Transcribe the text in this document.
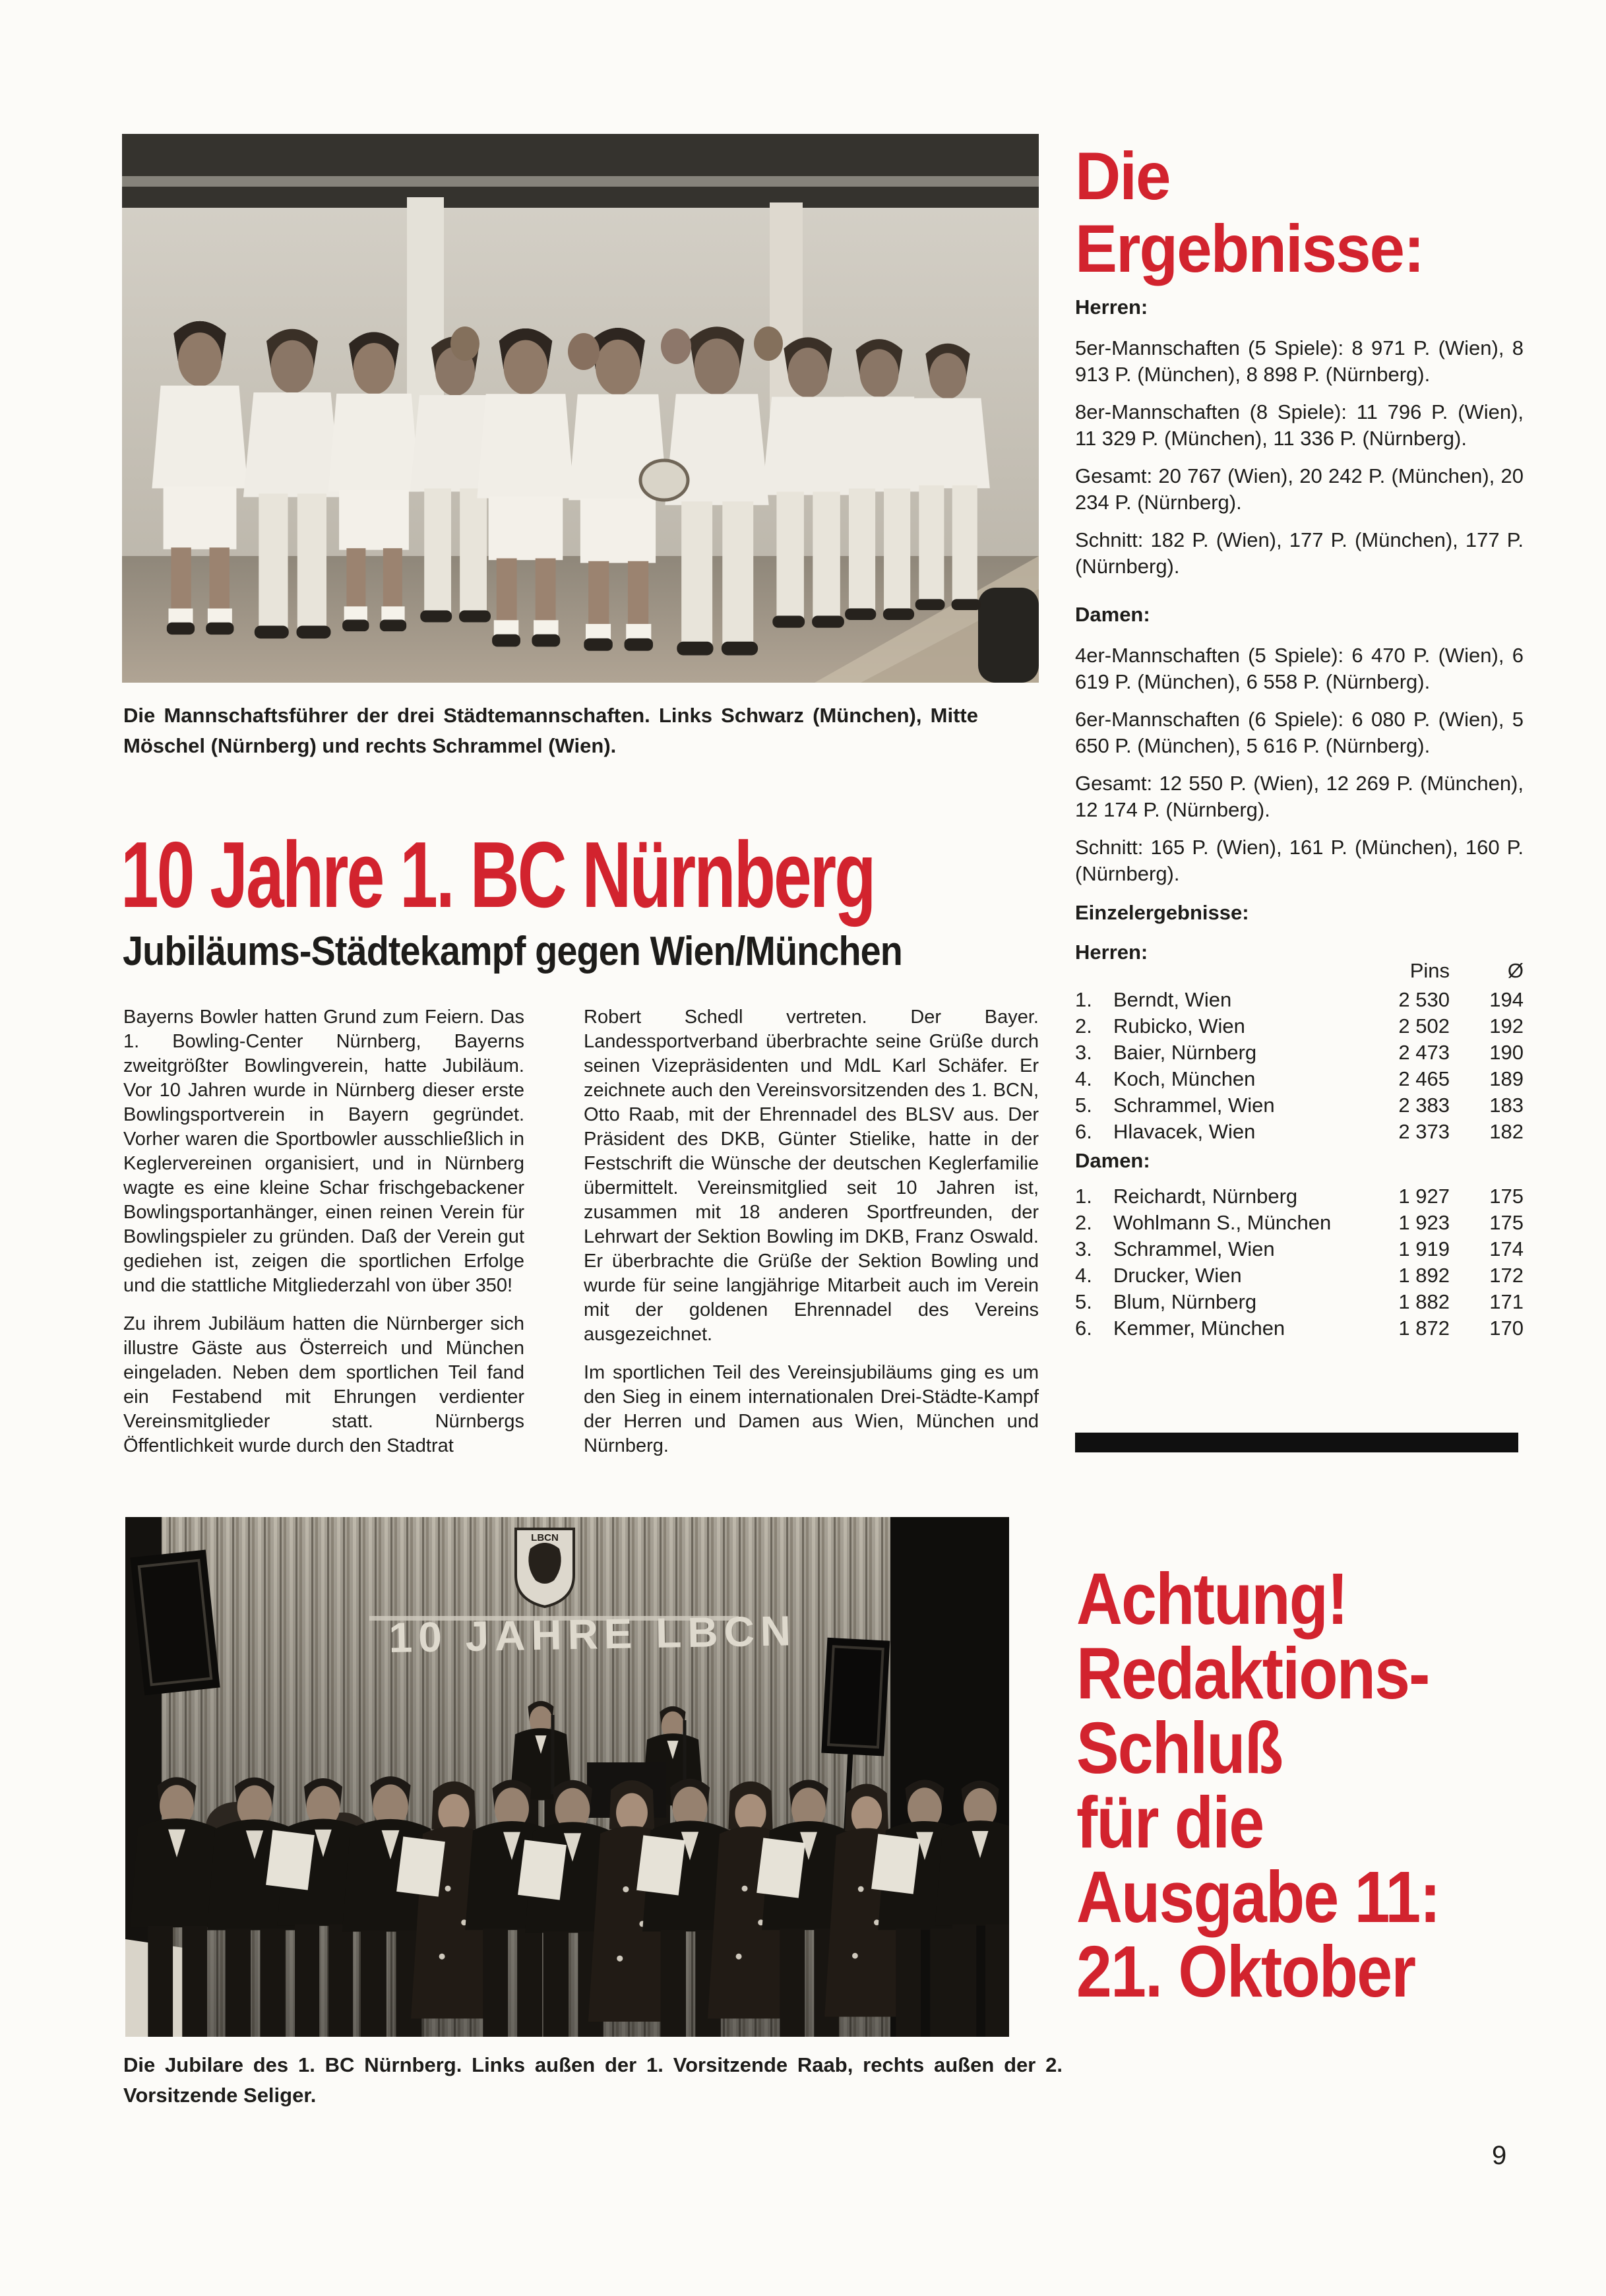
Die Mannschaftsführer der drei Städtemannschaften. Links Schwarz (München), Mitte Möschel (Nürnberg) und rechts Schrammel (Wien).

10 Jahre 1. BC Nürnberg
Jubiläums-Städtekampf gegen Wien/München

Bayerns Bowler hatten Grund zum Feiern. Das 1. Bowling-Center Nürnberg, Bayerns zweitgrößter Bowlingverein, hatte Jubiläum. Vor 10 Jahren wurde in Nürnberg dieser erste Bowlingsportverein in Bayern gegründet. Vorher waren die Sportbowler ausschließlich in Keglervereinen organisiert, und in Nürnberg wagte es eine kleine Schar frischgebackener Bowlingsportanhänger, einen reinen Verein für Bowlingspieler zu gründen. Daß der Verein gut gediehen ist, zeigen die sportlichen Erfolge und die stattliche Mitgliederzahl von über 350!

Zu ihrem Jubiläum hatten die Nürnberger sich illustre Gäste aus Österreich und München eingeladen. Neben dem sportlichen Teil fand ein Festabend mit Ehrungen verdienter Vereinsmitglieder statt. Nürnbergs Öffentlichkeit wurde durch den Stadtrat

Robert Schedl vertreten. Der Bayer. Landessportverband überbrachte seine Grüße durch seinen Vizepräsidenten und MdL Karl Schäfer. Er zeichnete auch den Vereinsvorsitzenden des 1. BCN, Otto Raab, mit der Ehrennadel des BLSV aus. Der Präsident des DKB, Günter Stielike, hatte in der Festschrift die Wünsche der deutschen Keglerfamilie übermittelt. Vereinsmitglied seit 10 Jahren ist, zusammen mit 18 anderen Sportfreunden, der Lehrwart der Sektion Bowling im DKB, Franz Oswald. Er überbrachte die Grüße der Sektion Bowling und wurde für seine langjährige Mitarbeit auch im Verein mit der goldenen Ehrennadel des Vereins ausgezeichnet.

Im sportlichen Teil des Vereinsjubiläums ging es um den Sieg in einem internationalen Drei-Städte-Kampf der Herren und Damen aus Wien, München und Nürnberg.

Die
Ergebnisse:
Herren:

5er-Mannschaften (5 Spiele): 8 971 P. (Wien), 8 913 P. (München), 8 898 P. (Nürnberg).

8er-Mannschaften (8 Spiele): 11 796 P. (Wien), 11 329 P. (München), 11 336 P. (Nürnberg).

Gesamt: 20 767 (Wien), 20 242 P. (München), 20 234 P. (Nürnberg).

Schnitt: 182 P. (Wien), 177 P. (München), 177 P. (Nürnberg).

Damen:

4er-Mannschaften (5 Spiele): 6 470 P. (Wien), 6 619 P. (München), 6 558 P. (Nürnberg).

6er-Mannschaften (6 Spiele): 6 080 P. (Wien), 5 650 P. (München), 5 616 P. (Nürnberg).

Gesamt: 12 550 P. (Wien), 12 269 P. (München), 12 174 P. (Nürnberg).

Schnitt: 165 P. (Wien), 161 P. (München), 160 P. (Nürnberg).

Einzelergebnisse:
Herren:
Pins	Ø
1.	Berndt, Wien	2 530	194
2.	Rubicko, Wien	2 502	192
3.	Baier, Nürnberg	2 473	190
4.	Koch, München	2 465	189
5.	Schrammel, Wien	2 383	183
6.	Hlavacek, Wien	2 373	182
Damen:
1.	Reichardt, Nürnberg	1 927	175
2.	Wohlmann S., München	1 923	175
3.	Schrammel, Wien	1 919	174
4.	Drucker, Wien	1 892	172
5.	Blum, Nürnberg	1 882	171
6.	Kemmer, München	1 872	170
Achtung!
Redaktions-
Schluß
für die
Ausgabe 11:
21. Oktober
LBCN
10 JAHRE LBCN

Die Jubilare des 1. BC Nürnberg. Links außen der 1. Vorsitzende Raab, rechts außen der 2. Vorsitzende Seliger.

9
